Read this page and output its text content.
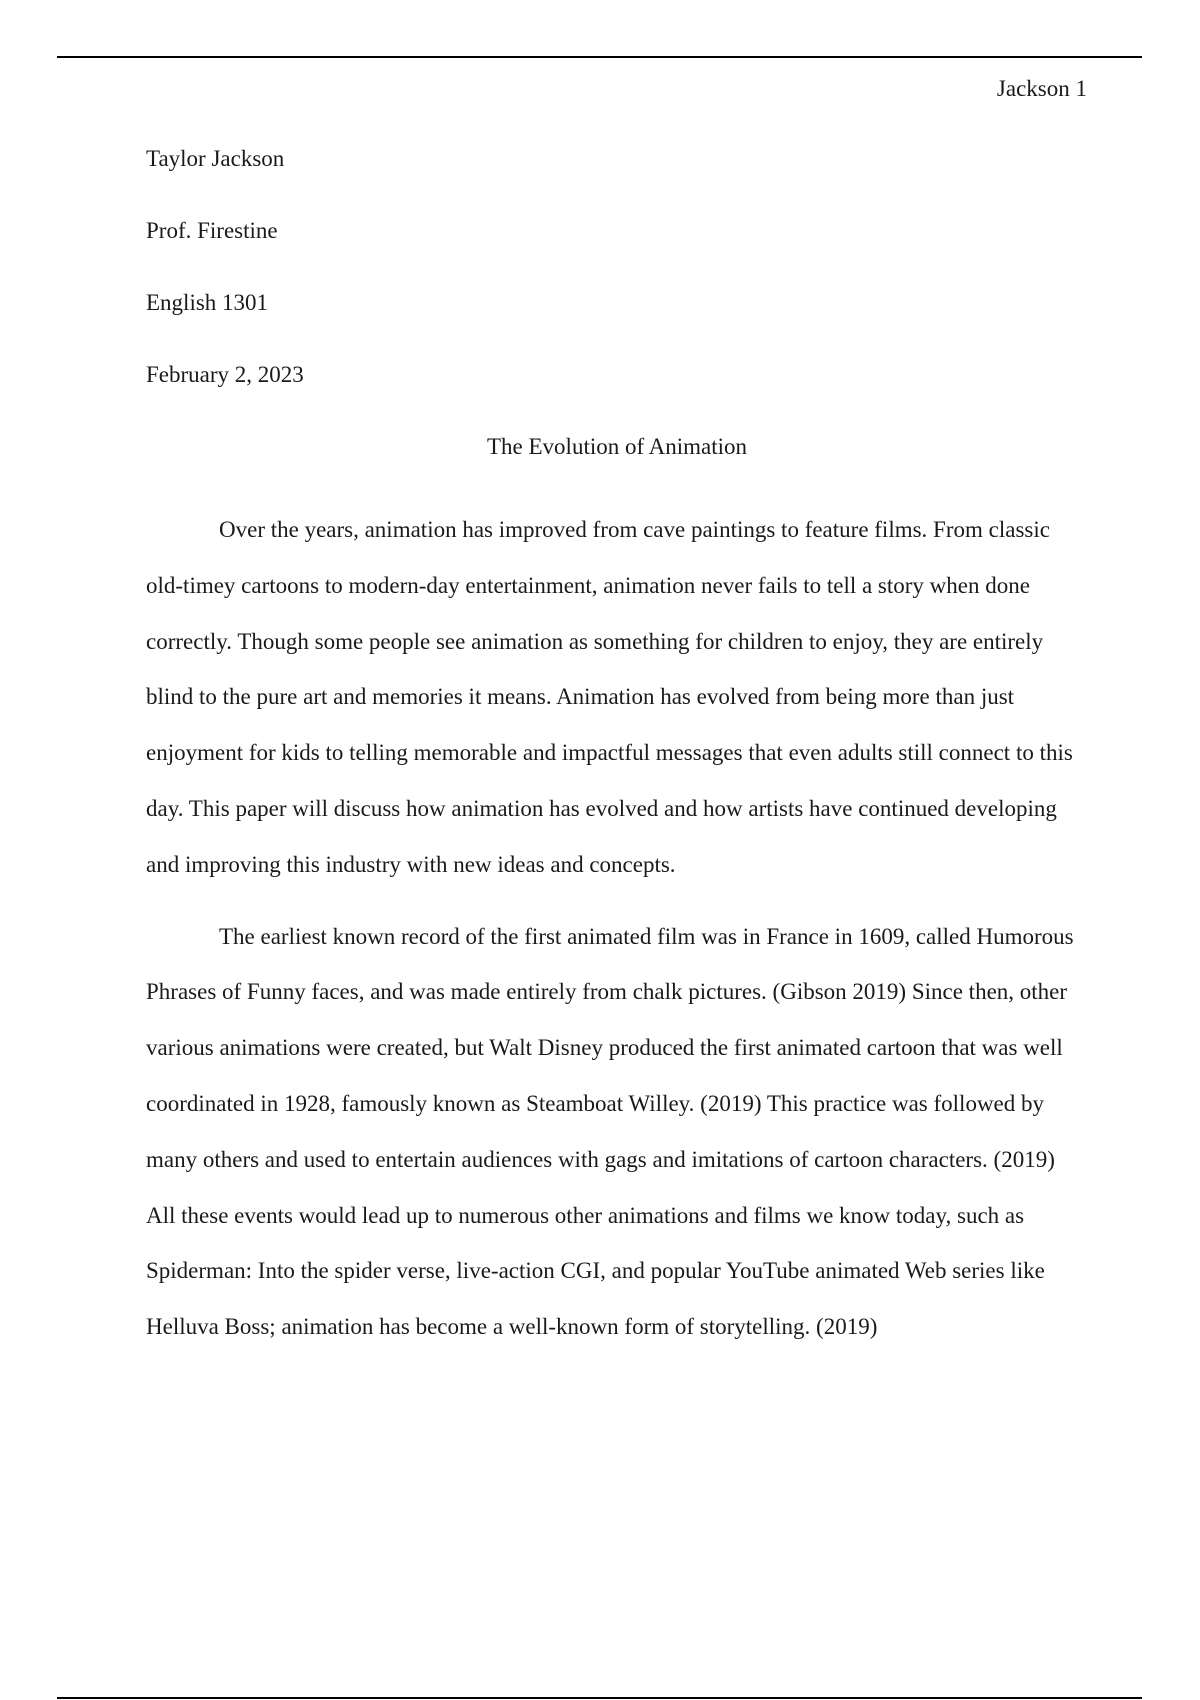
Jackson 1

Taylor Jackson

Prof. Firestine

English 1301

February 2, 2023

The Evolution of Animation

Over the years, animation has improved from cave paintings to feature films. From classic old-timey cartoons to modern-day entertainment, animation never fails to tell a story when done correctly. Though some people see animation as something for children to enjoy, they are entirely blind to the pure art and memories it means. Animation has evolved from being more than just enjoyment for kids to telling memorable and impactful messages that even adults still connect to this day. This paper will discuss how animation has evolved and how artists have continued developing and improving this industry with new ideas and concepts.

The earliest known record of the first animated film was in France in 1609, called Humorous Phrases of Funny faces, and was made entirely from chalk pictures. (Gibson 2019) Since then, other various animations were created, but Walt Disney produced the first animated cartoon that was well coordinated in 1928, famously known as Steamboat Willey. (2019) This practice was followed by many others and used to entertain audiences with gags and imitations of cartoon characters. (2019) All these events would lead up to numerous other animations and films we know today, such as Spiderman: Into the spider verse, live-action CGI, and popular YouTube animated Web series like Helluva Boss; animation has become a well-known form of storytelling. (2019)
